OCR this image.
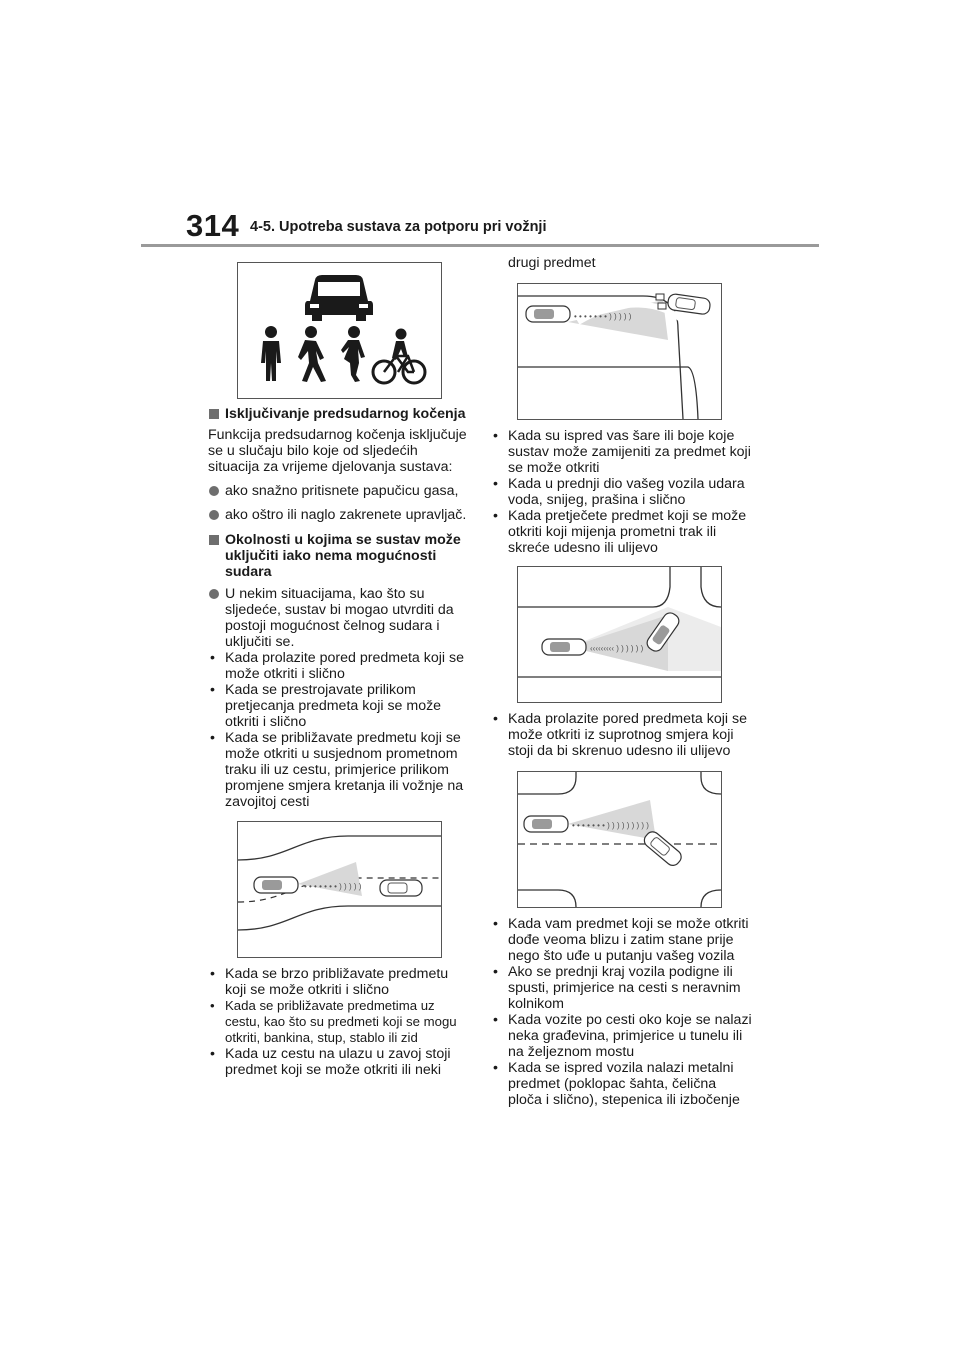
314 4-5. Upotreba sustava za potporu pri vožnji

Isključivanje predsudarnog kočenja

Funkcija predsudarnog kočenja isključuje se u slučaju bilo koje od sljedećih situacija za vrijeme djelovanja sustava:

ako snažno pritisnete papučicu gasa,

ako oštro ili naglo zakrenete upravljač.

Okolnosti u kojima se sustav može uključiti iako nema mogućnosti sudara

U nekim situacijama, kao što su sljedeće, sustav bi mogao utvrditi da postoji mogućnost čelnog sudara i uključiti se.

• Kada prolazite pored predmeta koji se može otkriti i slično
• Kada se prestrojavate prilikom pretjecanja predmeta koji se može otkriti i slično
• Kada se približavate predmetu koji se može otkriti u susjednom prometnom traku ili uz cestu, primjerice prilikom promjene smjera kretanja ili vožnje na zavojitoj cesti
• • • • • • • ) ) ) ) )
• Kada se brzo približavate predmetu koji se može otkriti i slično
• Kada se približavate predmetima uz cestu, kao što su predmeti koji se mogu otkriti, bankina, stup, stablo ili zid
• Kada uz cestu na ulazu u zavoj stoji predmet koji se može otkriti ili neki

drugi predmet

• • • • • • • ) ) ) ) )
• Kada su ispred vas šare ili boje koje sustav može zamijeniti za predmet koji se može otkriti
• Kada u prednji dio vašeg vozila udara voda, snijeg, prašina i slično
• Kada pretječete predmet koji se može otkriti koji mijenja prometni trak ili skreće udesno ili ulijevo
‹‹‹‹‹‹‹‹‹ ) ) ) ) ) )
• Kada prolazite pored predmeta koji se može otkriti iz suprotnog smjera koji stoji da bi skrenuo udesno ili ulijevo
• • • • • • • ) ) ) ) ) ) ) ) )
• Kada vam predmet koji se može otkriti dođe veoma blizu i zatim stane prije nego što uđe u putanju vašeg vozila
• Ako se prednji kraj vozila podigne ili spusti, primjerice na cesti s neravnim kolnikom
• Kada vozite po cesti oko koje se nalazi neka građevina, primjerice u tunelu ili na željeznom mostu
• Kada se ispred vozila nalazi metalni predmet (poklopac šahta, čelična ploča i slično), stepenica ili izbočenje
